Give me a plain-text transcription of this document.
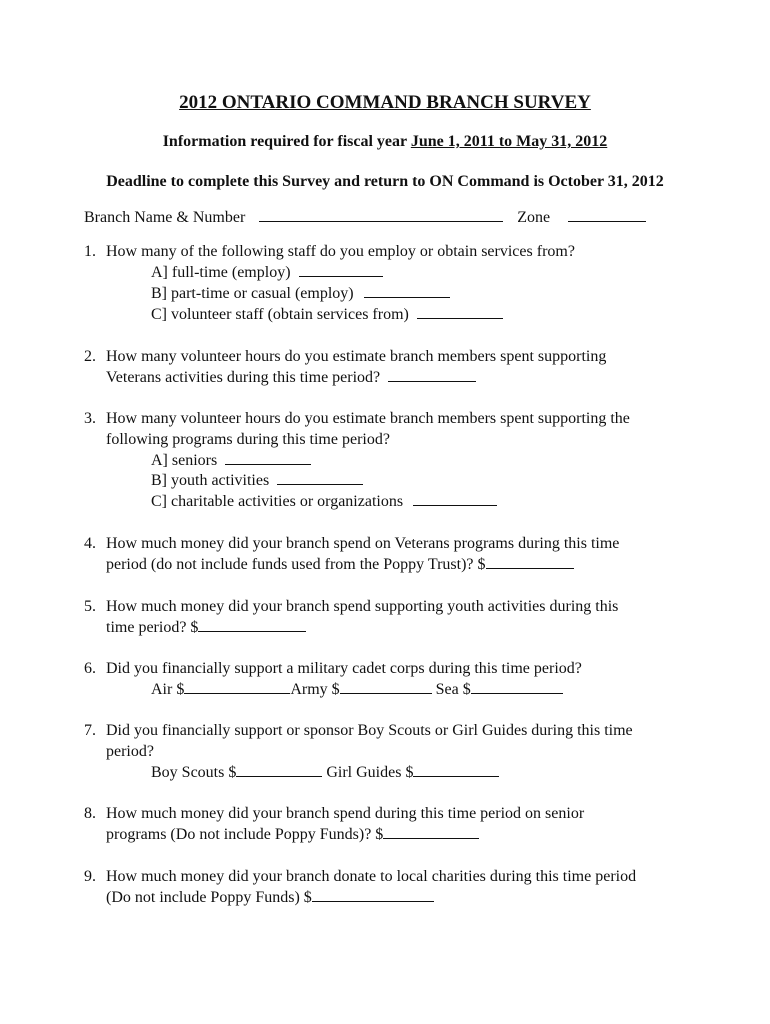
2012 ONTARIO COMMAND BRANCH SURVEY
Information required for fiscal year June 1, 2011 to May 31, 2012
Deadline to complete this Survey and return to ON Command is October 31, 2012
Branch Name & Number	Zone
1. How many of the following staff do you employ or obtain services from?
A] full-time (employ)
B] part-time or casual (employ)
C] volunteer staff (obtain services from)
2. How many volunteer hours do you estimate branch members spent supporting
Veterans activities during this time period?
3. How many volunteer hours do you estimate branch members spent supporting the
following programs during this time period?
A] seniors
B] youth activities
C] charitable activities or organizations
4. How much money did your branch spend on Veterans programs during this time
period (do not include funds used from the Poppy Trust)? $
5. How much money did your branch spend supporting youth activities during this
time period? $
6. Did you financially support a military cadet corps during this time period?
Air $	Army $	Sea $
7. Did you financially support or sponsor Boy Scouts or Girl Guides during this time
period?
Boy Scouts $	Girl Guides $
8. How much money did your branch spend during this time period on senior
programs (Do not include Poppy Funds)? $
9. How much money did your branch donate to local charities during this time period
(Do not include Poppy Funds) $
